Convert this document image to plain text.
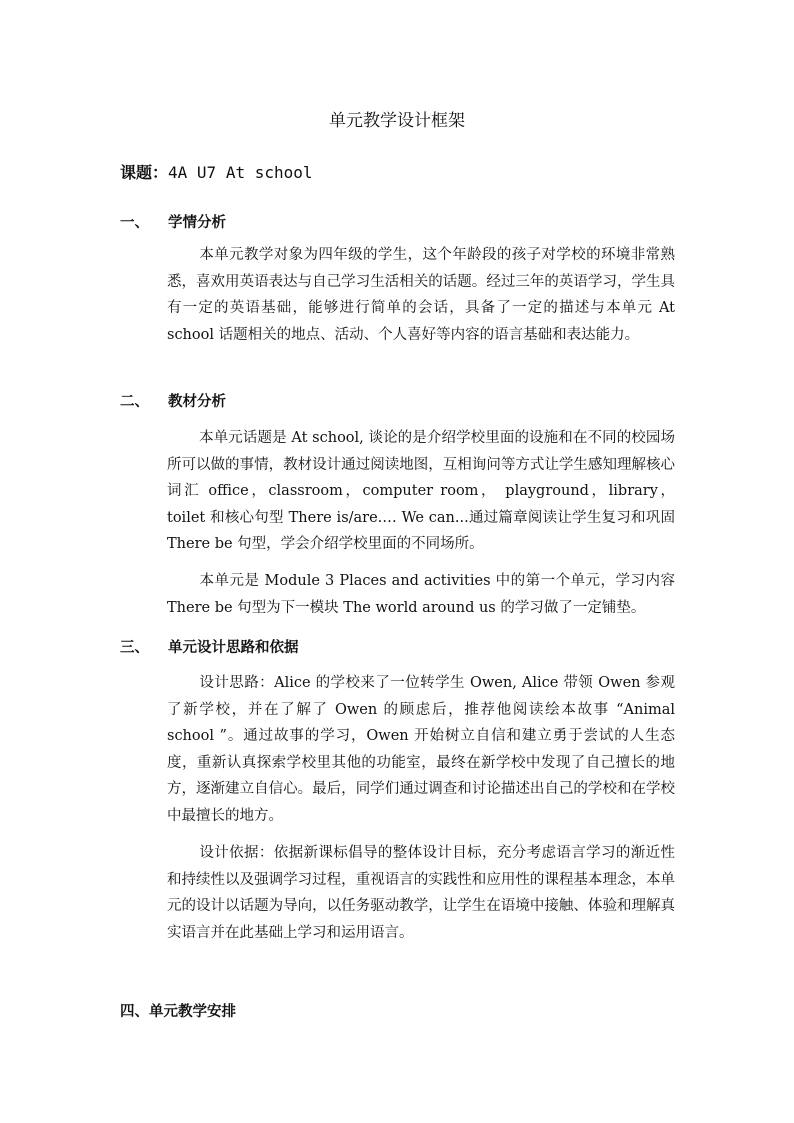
单元教学设计框架
课题：4A U7 At school
一、 学情分析
本单元教学对象为四年级的学生，这个年龄段的孩子对学校的环境非常熟悉，喜欢用英语表达与自己学习生活相关的话题。经过三年的英语学习，学生具有一定的英语基础，能够进行简单的会话，具备了一定的描述与本单元 At school 话题相关的地点、活动、个人喜好等内容的语言基础和表达能力。
二、 教材分析
本单元话题是 At school, 谈论的是介绍学校里面的设施和在不同的校园场所可以做的事情，教材设计通过阅读地图，互相询问等方式让学生感知理解核心词汇 office，classroom，computer room， playground，library，toilet 和核心句型 There is/are.… We can...通过篇章阅读让学生复习和巩固 There be 句型，学会介绍学校里面的不同场所。
本单元是 Module 3 Places and activities 中的第一个单元，学习内容 There be 句型为下一模块 The world around us 的学习做了一定铺垫。
三、 单元设计思路和依据
设计思路：Alice 的学校来了一位转学生 Owen, Alice 带领 Owen 参观了新学校，并在了解了 Owen 的顾虑后，推荐他阅读绘本故事 “Animal school ”。通过故事的学习，Owen 开始树立自信和建立勇于尝试的人生态度，重新认真探索学校里其他的功能室，最终在新学校中发现了自己擅长的地方，逐渐建立自信心。最后，同学们通过调查和讨论描述出自己的学校和在学校中最擅长的地方。
设计依据：依据新课标倡导的整体设计目标，充分考虑语言学习的渐近性和持续性以及强调学习过程，重视语言的实践性和应用性的课程基本理念，本单元的设计以话题为导向，以任务驱动教学，让学生在语境中接触、体验和理解真实语言并在此基础上学习和运用语言。
四、单元教学安排
